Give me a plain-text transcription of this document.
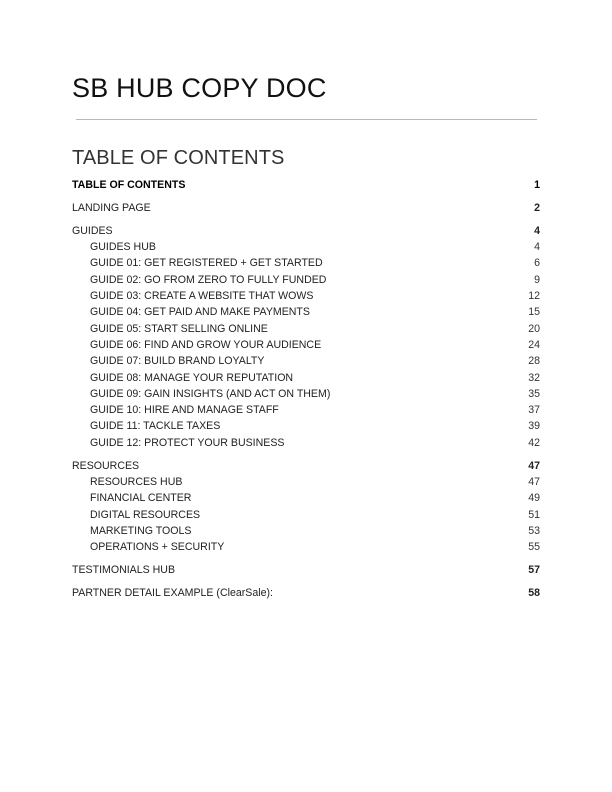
SB HUB COPY DOC
TABLE OF CONTENTS
TABLE OF CONTENTS	1
LANDING PAGE	2
GUIDES	4
GUIDES HUB	4
GUIDE 01: GET REGISTERED + GET STARTED	6
GUIDE 02: GO FROM ZERO TO FULLY FUNDED	9
GUIDE 03: CREATE A WEBSITE THAT WOWS	12
GUIDE 04: GET PAID AND MAKE PAYMENTS	15
GUIDE 05: START SELLING ONLINE	20
GUIDE 06: FIND AND GROW YOUR AUDIENCE	24
GUIDE 07: BUILD BRAND LOYALTY	28
GUIDE 08: MANAGE YOUR REPUTATION	32
GUIDE 09: GAIN INSIGHTS (AND ACT ON THEM)	35
GUIDE 10: HIRE AND MANAGE STAFF	37
GUIDE 11: TACKLE TAXES	39
GUIDE 12: PROTECT YOUR BUSINESS	42
RESOURCES	47
RESOURCES HUB	47
FINANCIAL CENTER	49
DIGITAL RESOURCES	51
MARKETING TOOLS	53
OPERATIONS + SECURITY	55
TESTIMONIALS HUB	57
PARTNER DETAIL EXAMPLE (ClearSale):	58
